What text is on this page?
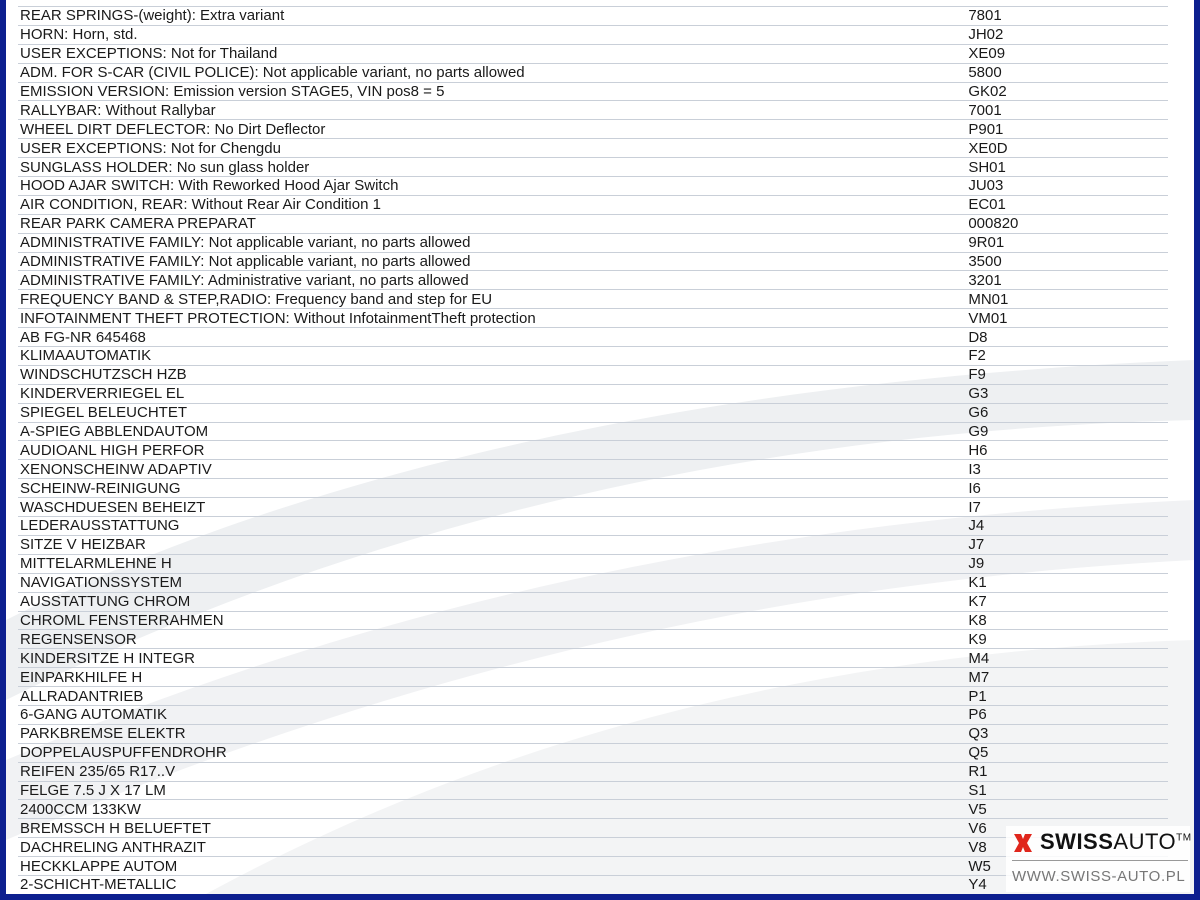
REAR SPRINGS-(weight): Extra variant	7801
HORN: Horn, std.	JH02
USER EXCEPTIONS: Not for Thailand	XE09
ADM. FOR S-CAR (CIVIL POLICE): Not applicable variant, no parts allowed	5800
EMISSION VERSION: Emission version STAGE5, VIN pos8 = 5	GK02
RALLYBAR: Without Rallybar	7001
WHEEL DIRT DEFLECTOR: No Dirt Deflector	P901
USER EXCEPTIONS: Not for Chengdu	XE0D
SUNGLASS HOLDER: No sun glass holder	SH01
HOOD AJAR SWITCH: With Reworked Hood Ajar Switch	JU03
AIR CONDITION, REAR: Without Rear Air Condition 1	EC01
REAR PARK CAMERA PREPARAT	000820
ADMINISTRATIVE FAMILY: Not applicable variant, no parts allowed	9R01
ADMINISTRATIVE FAMILY: Not applicable variant, no parts allowed	3500
ADMINISTRATIVE FAMILY: Administrative variant, no parts allowed	3201
FREQUENCY BAND & STEP,RADIO: Frequency band and step for EU	MN01
INFOTAINMENT THEFT PROTECTION: Without InfotainmentTheft protection	VM01
AB FG-NR 645468	D8
KLIMAAUTOMATIK	F2
WINDSCHUTZSCH HZB	F9
KINDERVERRIEGEL EL	G3
SPIEGEL BELEUCHTET	G6
A-SPIEG ABBLENDAUTOM	G9
AUDIOANL HIGH PERFOR	H6
XENONSCHEINW ADAPTIV	I3
SCHEINW-REINIGUNG	I6
WASCHDUESEN BEHEIZT	I7
LEDERAUSSTATTUNG	J4
SITZE V HEIZBAR	J7
MITTELARMLEHNE H	J9
NAVIGATIONSSYSTEM	K1
AUSSTATTUNG CHROM	K7
CHROML FENSTERRAHMEN	K8
REGENSENSOR	K9
KINDERSITZE H INTEGR	M4
EINPARKHILFE H	M7
ALLRADANTRIEB	P1
6-GANG AUTOMATIK	P6
PARKBREMSE ELEKTR	Q3
DOPPELAUSPUFFENDROHR	Q5
REIFEN 235/65 R17..V	R1
FELGE 7.5 J X 17 LM	S1
2400CCM 133KW	V5
BREMSSCH H BELUEFTET	V6
DACHRELING ANTHRAZIT	V8
HECKKLAPPE AUTOM	W5
2-SCHICHT-METALLIC	Y4
SWISSAUTO™
WWW.SWISS-AUTO.PL
